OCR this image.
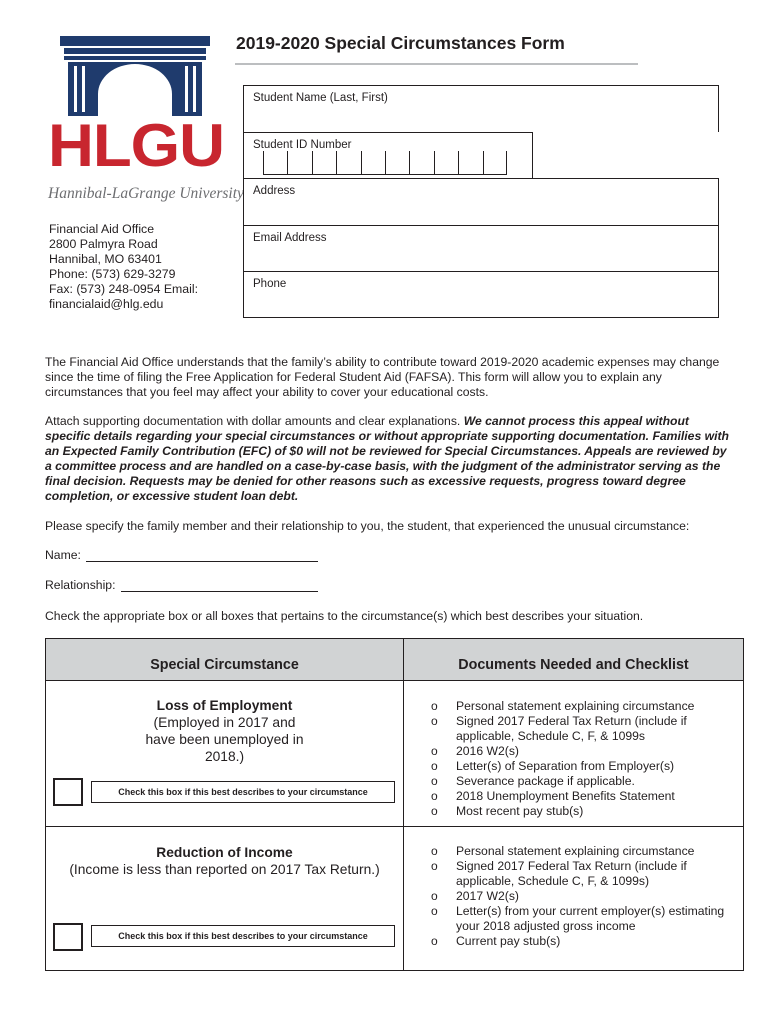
HLGU
Hannibal-LaGrange University
Financial Aid Office
2800 Palmyra Road
Hannibal, MO 63401
Phone: (573) 629-3279
Fax: (573) 248-0954 Email:
financialaid@hlg.edu
2019-2020 Special Circumstances Form
Student Name (Last, First)
Student ID Number
Address
Email Address
Phone

The Financial Aid Office understands that the family’s ability to contribute toward 2019-2020 academic expenses may change since the time of filing the Free Application for Federal Student Aid (FAFSA). This form will allow you to explain any circumstances that you feel may affect your ability to cover your educational costs.

Attach supporting documentation with dollar amounts and clear explanations. We cannot process this appeal without specific details regarding your special circumstances or without appropriate supporting documentation. Families with an Expected Family Contribution (EFC) of $0 will not be reviewed for Special Circumstances. Appeals are reviewed by a committee process and are handled on a case-by-case basis, with the judgment of the administrator serving as the final decision. Requests may be denied for other reasons such as excessive requests, progress toward degree completion, or excessive student loan debt.

Please specify the family member and their relationship to you, the student, that experienced the unusual circumstance:

Name:
Relationship:

Check the appropriate box or all boxes that pertains to the circumstance(s) which best describes your situation.

Special Circumstance	Documents Needed and Checklist
Loss of Employment
(Employed in 2017 and
have been unemployed in
2018.)
Check this box if this best describes to your circumstance
o Personal statement explaining circumstance
o Signed 2017 Federal Tax Return (include if applicable, Schedule C, F, & 1099s
o 2016 W2(s)
o Letter(s) of Separation from Employer(s)
o Severance package if applicable.
o 2018 Unemployment Benefits Statement
o Most recent pay stub(s)
Reduction of Income
(Income is less than reported on 2017 Tax Return.)
Check this box if this best describes to your circumstance
o Personal statement explaining circumstance
o Signed 2017 Federal Tax Return (include if applicable, Schedule C, F, & 1099s)
o 2017 W2(s)
o Letter(s) from your current employer(s) estimating your 2018 adjusted gross income
o Current pay stub(s)
